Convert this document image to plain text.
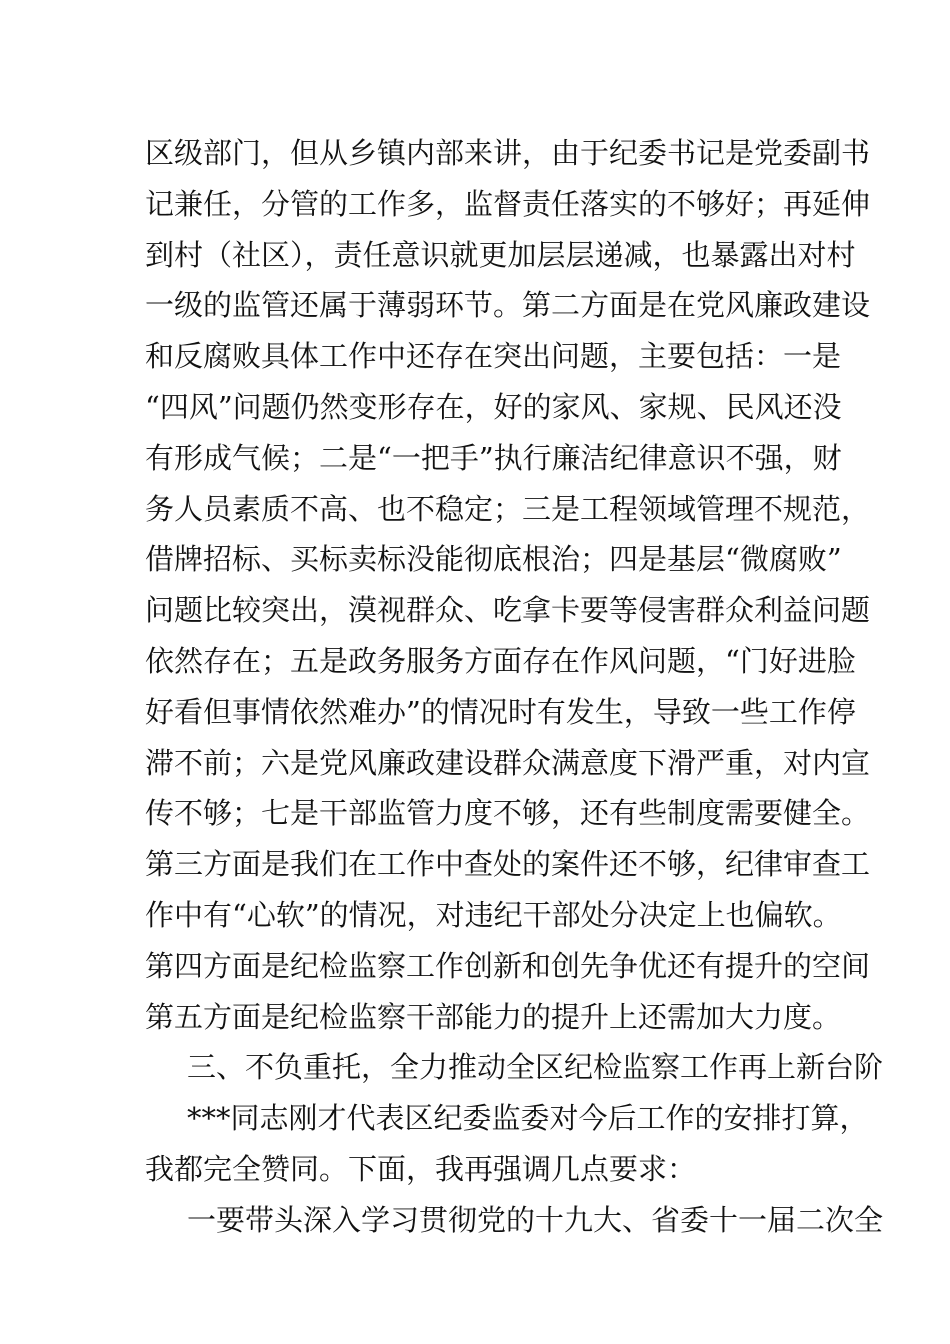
区级部门，但从乡镇内部来讲，由于纪委书记是党委副书
记兼任，分管的工作多，监督责任落实的不够好；再延伸
到村（社区），责任意识就更加层层递减，也暴露出对村
一级的监管还属于薄弱环节。第二方面是在党风廉政建设
和反腐败具体工作中还存在突出问题，主要包括：一是
“四风”问题仍然变形存在，好的家风、家规、民风还没
有形成气候；二是“一把手”执行廉洁纪律意识不强，财
务人员素质不高、也不稳定；三是工程领域管理不规范，
借牌招标、买标卖标没能彻底根治；四是基层“微腐败”
问题比较突出，漠视群众、吃拿卡要等侵害群众利益问题
依然存在；五是政务服务方面存在作风问题，“门好进脸
好看但事情依然难办”的情况时有发生，导致一些工作停
滞不前；六是党风廉政建设群众满意度下滑严重，对内宣
传不够；七是干部监管力度不够，还有些制度需要健全。
第三方面是我们在工作中查处的案件还不够，纪律审查工
作中有“心软”的情况，对违纪干部处分决定上也偏软。
第四方面是纪检监察工作创新和创先争优还有提升的空间
第五方面是纪检监察干部能力的提升上还需加大力度。
三、不负重托，全力推动全区纪检监察工作再上新台阶
***同志刚才代表区纪委监委对今后工作的安排打算，
我都完全赞同。下面，我再强调几点要求：
一要带头深入学习贯彻党的十九大、省委十一届二次全
